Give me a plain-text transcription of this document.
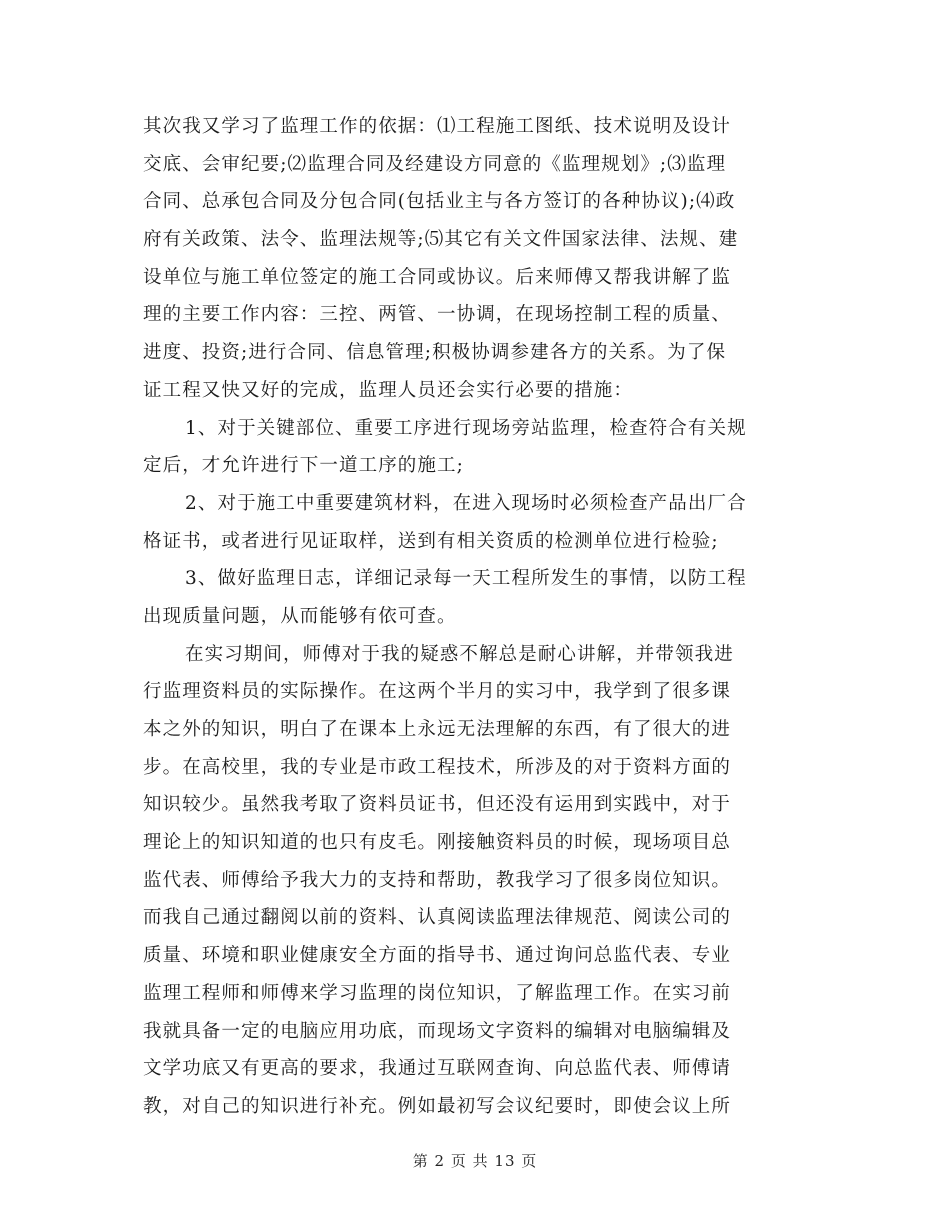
其次我又学习了监理工作的依据：⑴工程施工图纸、技术说明及设计
交底、会审纪要;⑵监理合同及经建设方同意的《监理规划》;⑶监理
合同、总承包合同及分包合同(包括业主与各方签订的各种协议);⑷政
府有关政策、法令、监理法规等;⑸其它有关文件国家法律、法规、建
设单位与施工单位签定的施工合同或协议。后来师傅又帮我讲解了监
理的主要工作内容：三控、两管、一协调，在现场控制工程的质量、
进度、投资;进行合同、信息管理;积极协调参建各方的关系。为了保
证工程又快又好的完成，监理人员还会实行必要的措施：
1、对于关键部位、重要工序进行现场旁站监理，检查符合有关规
定后，才允许进行下一道工序的施工;
2、对于施工中重要建筑材料，在进入现场时必须检查产品出厂合
格证书，或者进行见证取样，送到有相关资质的检测单位进行检验;
3、做好监理日志，详细记录每一天工程所发生的事情，以防工程
出现质量问题，从而能够有依可查。
在实习期间，师傅对于我的疑惑不解总是耐心讲解，并带领我进
行监理资料员的实际操作。在这两个半月的实习中，我学到了很多课
本之外的知识，明白了在课本上永远无法理解的东西，有了很大的进
步。在高校里，我的专业是市政工程技术，所涉及的对于资料方面的
知识较少。虽然我考取了资料员证书，但还没有运用到实践中，对于
理论上的知识知道的也只有皮毛。刚接触资料员的时候，现场项目总
监代表、师傅给予我大力的支持和帮助，教我学习了很多岗位知识。
而我自己通过翻阅以前的资料、认真阅读监理法律规范、阅读公司的
质量、环境和职业健康安全方面的指导书、通过询问总监代表、专业
监理工程师和师傅来学习监理的岗位知识，了解监理工作。在实习前
我就具备一定的电脑应用功底，而现场文字资料的编辑对电脑编辑及
文学功底又有更高的要求，我通过互联网查询、向总监代表、师傅请
教，对自己的知识进行补充。例如最初写会议纪要时，即使会议上所
第 2 页 共 13 页
